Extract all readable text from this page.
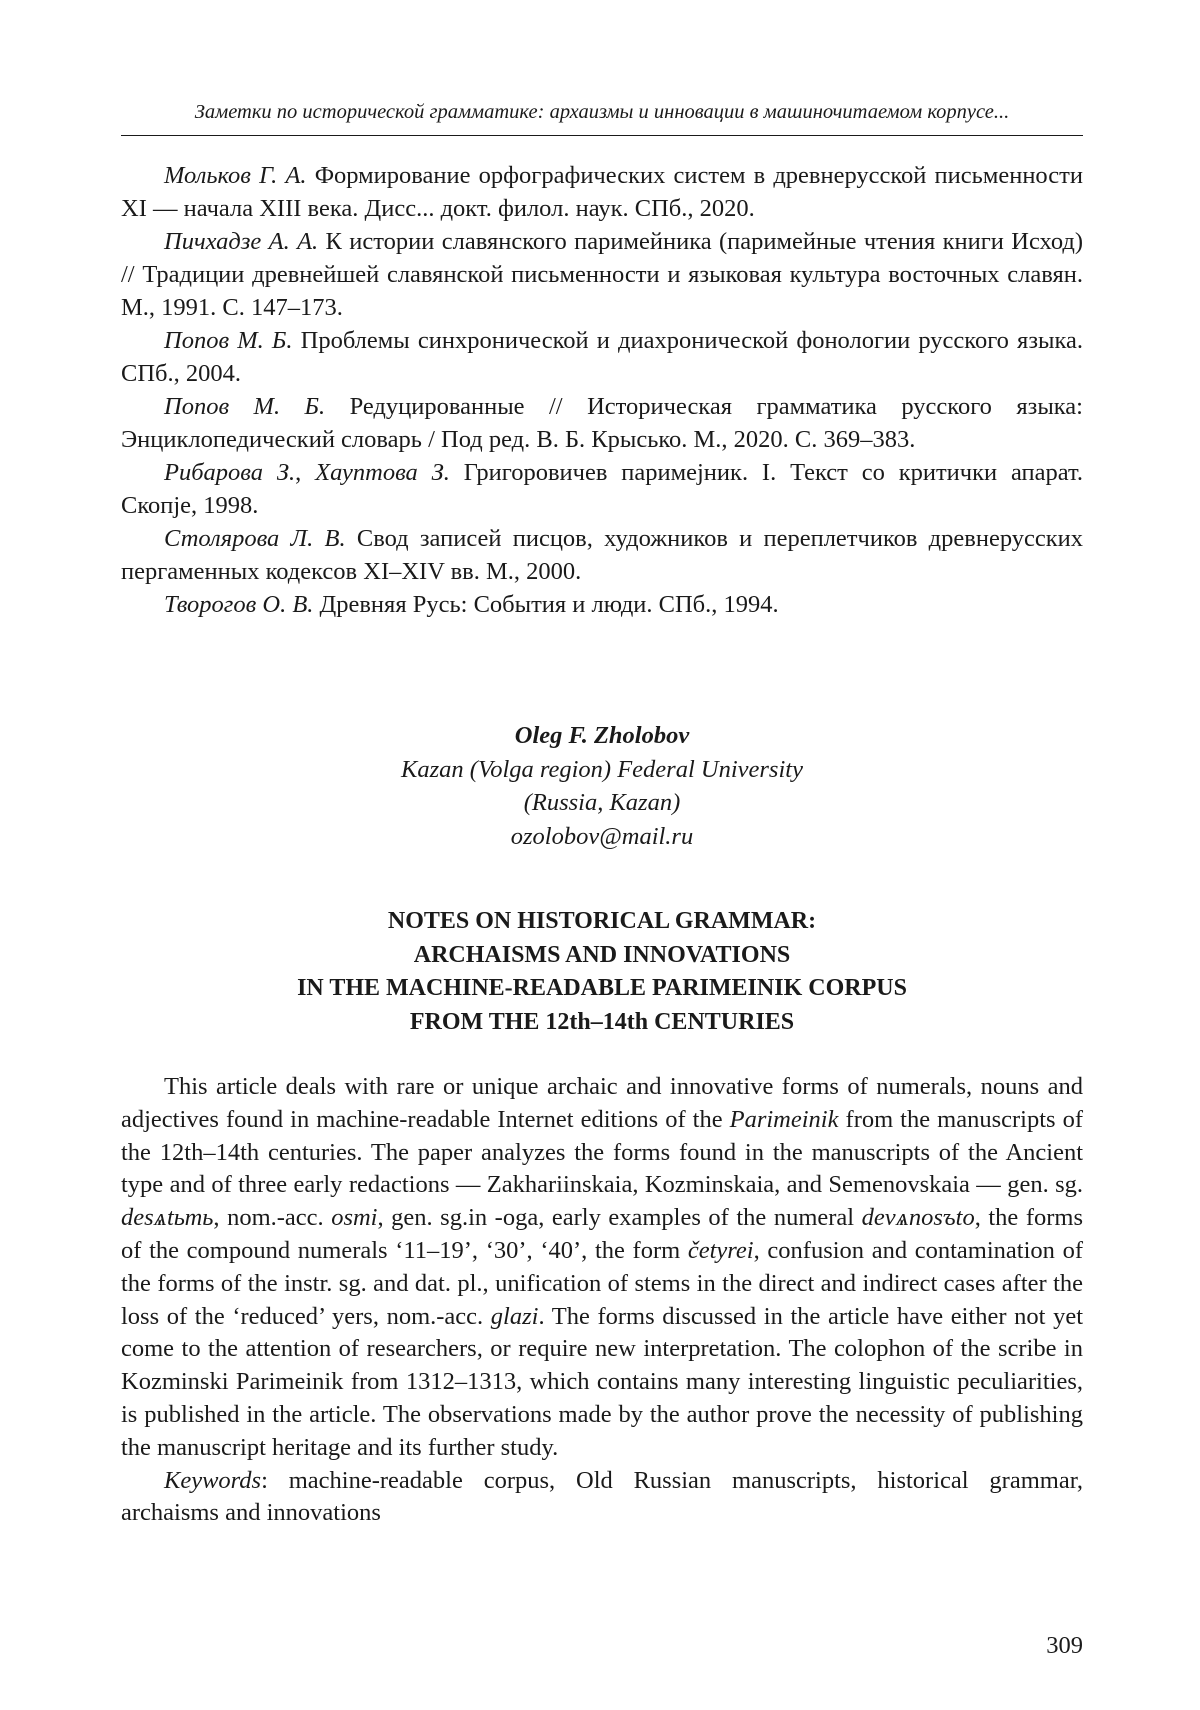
Заметки по исторической грамматике: архаизмы и инновации в машиночитаемом корпусе...

Мольков Г. А. Формирование орфографических систем в древнерусской письменности XI — начала XIII века. Дисс... докт. филол. наук. СПб., 2020.

Пичхадзе А. А. К истории славянского паримейника (паримейные чтения книги Исход) // Традиции древнейшей славянской письменности и языковая культура восточных славян. М., 1991. С. 147–173.

Попов М. Б. Проблемы синхронической и диахронической фонологии русского языка. СПб., 2004.

Попов М. Б. Редуцированные // Историческая грамматика русского языка: Энциклопедический словарь / Под ред. В. Б. Крысько. М., 2020. С. 369–383.

Рибарова З., Хауптова З. Григоровичев паримејник. I. Текст со критички апарат. Скопје, 1998.

Столярова Л. В. Свод записей писцов, художников и переплетчиков древнерусских пергаменных кодексов XI–XIV вв. М., 2000.

Творогов О. В. Древняя Русь: События и люди. СПб., 1994.

Oleg F. Zholobov

Kazan (Volga region) Federal University

(Russia, Kazan)

ozolobov@mail.ru

NOTES ON HISTORICAL GRAMMAR:

ARCHAISMS AND INNOVATIONS

IN THE MACHINE-READABLE PARIMEINIK CORPUS

FROM THE 12th–14th CENTURIES

This article deals with rare or unique archaic and innovative forms of numerals, nouns and adjectives found in machine-readable Internet editions of the Parimeinik from the manuscripts of the 12th–14th centuries. The paper analyzes the forms found in the manuscripts of the Ancient type and of three early redactions — Zakhariinskaia, Kozminskaia, and Semenovskaia — gen. sg. desѧtьть, nom.-acc. osmi, gen. sg.in -oga, early examples of the numeral devѧnosъto, the forms of the compound numerals ‘11–19’, ‘30’, ‘40’, the form četyrei, confusion and contamination of the forms of the instr. sg. and dat. pl., unification of stems in the direct and indirect cases after the loss of the ‘reduced’ yers, nom.-acc. glazi. The forms discussed in the article have either not yet come to the attention of researchers, or require new interpretation. The colophon of the scribe in Kozminski Parimeinik from 1312–1313, which contains many interesting linguistic peculiarities, is published in the article. The observations made by the author prove the necessity of publishing the manuscript heritage and its further study.

Keywords: machine-readable corpus, Old Russian manuscripts, historical grammar, archaisms and innovations

309
